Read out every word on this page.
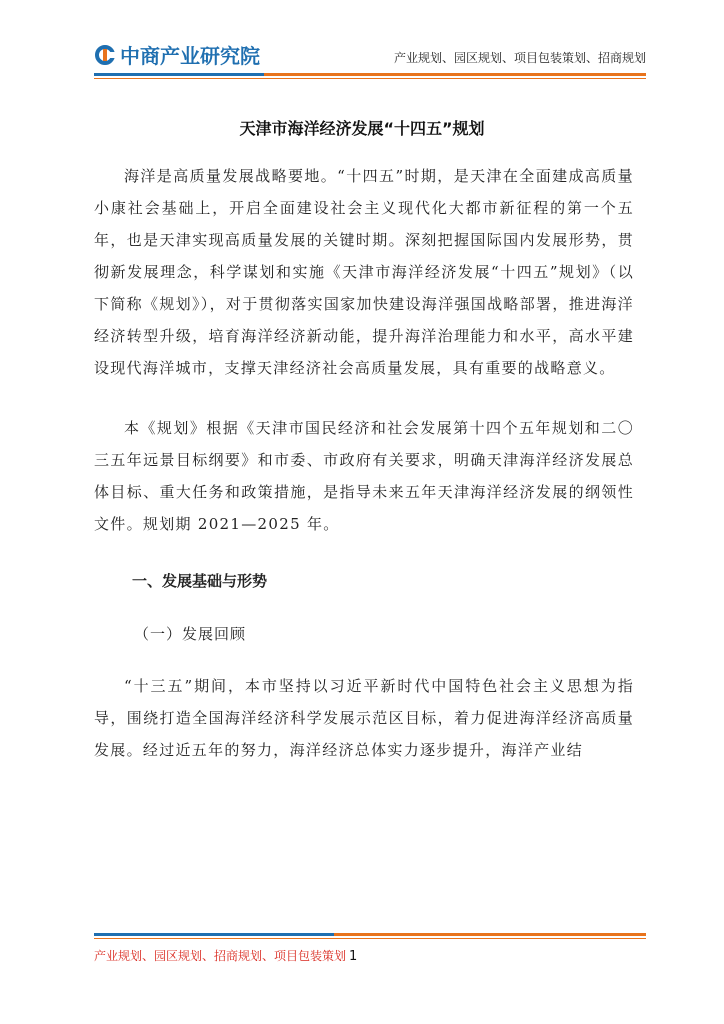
中商产业研究院	产业规划、园区规划、项目包装策划、招商规划
天津市海洋经济发展“十四五”规划

海洋是高质量发展战略要地。“十四五”时期，是天津在全面建成高质量小康社会基础上，开启全面建设社会主义现代化大都市新征程的第一个五年，也是天津实现高质量发展的关键时期。深刻把握国际国内发展形势，贯彻新发展理念，科学谋划和实施《天津市海洋经济发展“十四五”规划》（以下简称《规划》），对于贯彻落实国家加快建设海洋强国战略部署，推进海洋经济转型升级，培育海洋经济新动能，提升海洋治理能力和水平，高水平建设现代海洋城市，支撑天津经济社会高质量发展，具有重要的战略意义。

本《规划》根据《天津市国民经济和社会发展第十四个五年规划和二〇三五年远景目标纲要》和市委、市政府有关要求，明确天津海洋经济发展总体目标、重大任务和政策措施，是指导未来五年天津海洋经济发展的纲领性文件。规划期 2021—2025 年。

一、发展基础与形势
（一）发展回顾

“十三五”期间，本市坚持以习近平新时代中国特色社会主义思想为指导，围绕打造全国海洋经济科学发展示范区目标，着力促进海洋经济高质量发展。经过近五年的努力，海洋经济总体实力逐步提升，海洋产业结

产业规划、园区规划、招商规划、项目包装策划 1
